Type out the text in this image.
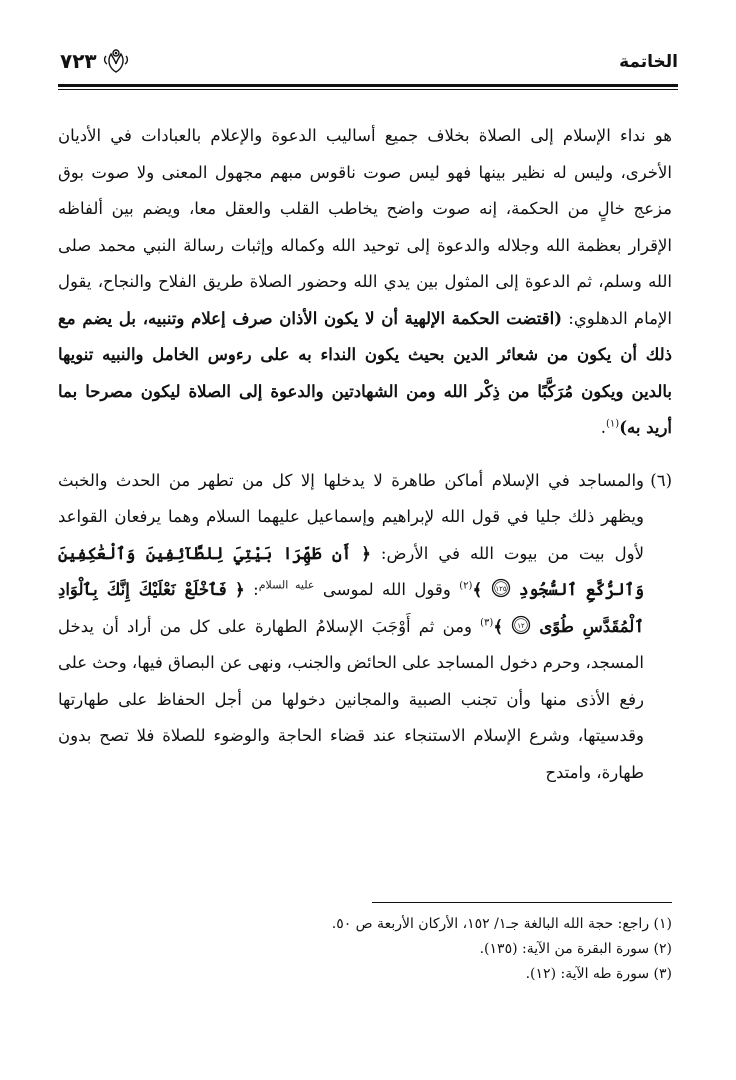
الخاتمة
٧٢٣

هو نداء الإسلام إلى الصلاة بخلاف جميع أساليب الدعوة والإعلام بالعبادات في الأديان الأخرى، وليس له نظير بينها فهو ليس صوت ناقوس مبهم مجهول المعنى ولا صوت بوق مزعج خالٍ من الحكمة، إنه صوت واضح يخاطب القلب والعقل معا، ويضم بين ألفاظه الإقرار بعظمة الله وجلاله والدعوة إلى توحيد الله وكماله وإثبات رسالة النبي محمد صلى الله وسلم، ثم الدعوة إلى المثول بين يدي الله وحضور الصلاة طريق الفلاح والنجاح، يقول الإمام الدهلوي: (اقتضت الحكمة الإلهية أن لا يكون الأذان صرف إعلام وتنبيه، بل يضم مع ذلك أن يكون من شعائر الدين بحيث يكون النداء به على رءوس الخامل والنبيه تنويها بالدين ويكون مُرَكَّبًا من ذِكْر الله ومن الشهادتين والدعوة إلى الصلاة ليكون مصرحا بما أريد به)$^{(١)}$.

(٦)
والمساجد في الإسلام أماكن طاهرة لا يدخلها إلا كل من تطهر من الحدث والخبث ويظهر ذلك جليا في قول الله لإبراهيم وإسماعيل عليهما السلام وهما يرفعان القواعد لأول بيت من بيوت الله في الأرض: ﴿ أَن طَهِّرَا بَيْتِيَ لِلطَّآئِفِينَ وَٱلْعَٰكِفِينَ وَٱلرُّكَّعِ ٱلسُّجُودِ
١٢٥
﴾$^{(٢)}$ وقول الله لموسى $^{عليه السلام}$: ﴿ فَٱخْلَعْ نَعْلَيْكَ إِنَّكَ بِٱلْوَادِ ٱلْمُقَدَّسِ طُوًى
١٢
﴾$^{(٣)}$ ومن ثم أَوْجَبَ الإسلامُ الطهارة على كل من أراد أن يدخل المسجد، وحرم دخول المساجد على الحائض والجنب، ونهى عن البصاق فيها، وحث على رفع الأذى منها وأن تجنب الصبية والمجانين دخولها من أجل الحفاظ على طهارتها وقدسيتها، وشرع الإسلام الاستنجاء عند قضاء الحاجة والوضوء للصلاة فلا تصح بدون طهارة، وامتدح

(١) راجع: حجة الله البالغة جـ١/ ١٥٢، الأركان الأربعة ص ٥٠.

(٢) سورة البقرة من الآية: (١٣٥).

(٣) سورة طه الآية: (١٢).
